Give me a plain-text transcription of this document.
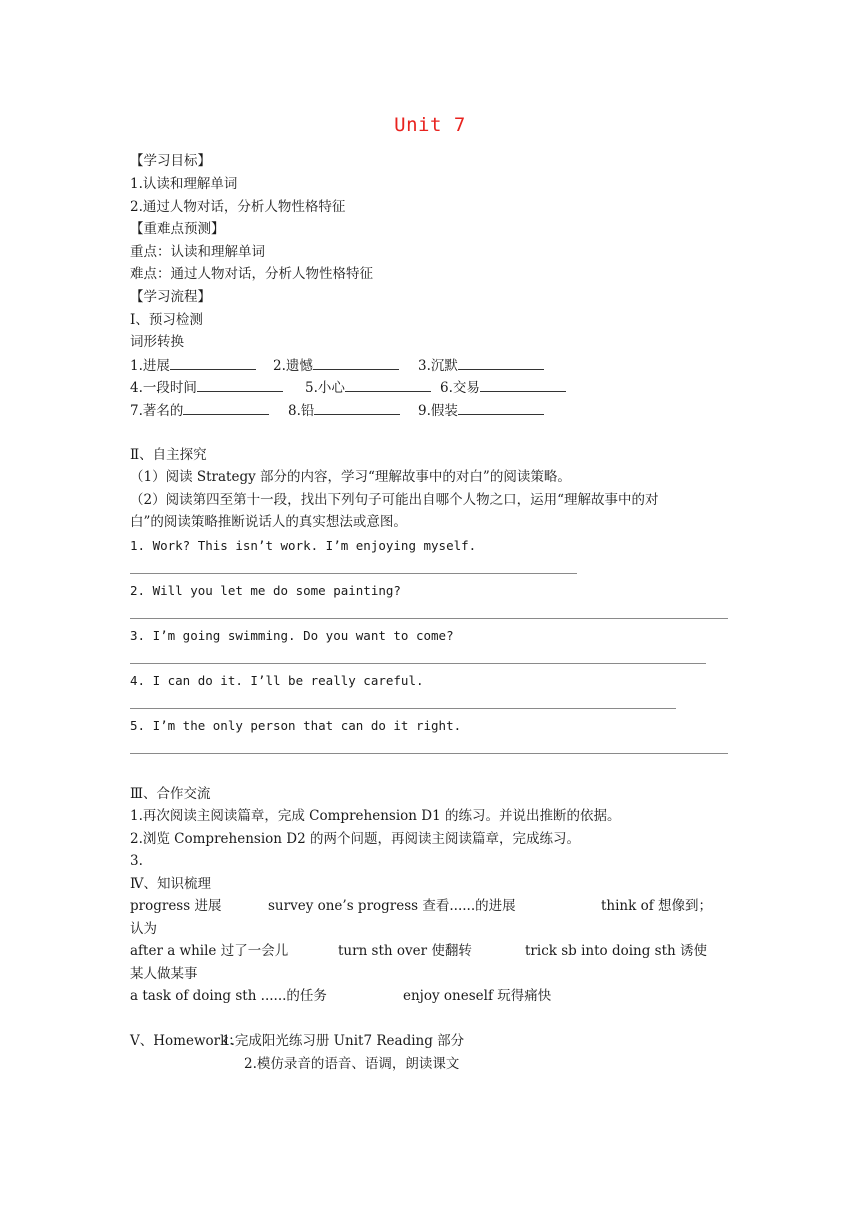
Unit 7
【学习目标】
1.认读和理解单词
2.通过人物对话，分析人物性格特征
【重难点预测】
重点：认读和理解单词
难点：通过人物对话，分析人物性格特征
【学习流程】
Ⅰ、预习检测
词形转换
1.进展	2.遗憾	3.沉默
4.一段时间	5.小心	6.交易
7.著名的	8.铅	9.假装
Ⅱ、自主探究
（1）阅读 Strategy 部分的内容，学习“理解故事中的对白”的阅读策略。
（2）阅读第四至第十一段，找出下列句子可能出自哪个人物之口，运用“理解故事中的对
白”的阅读策略推断说话人的真实想法或意图。
1. Work? This isn’t work. I’m enjoying myself.
2. Will you let me do some painting?
3. I’m going swimming. Do you want to come?
4. I can do it. I’ll be really careful.
5. I’m the only person that can do it right.
Ⅲ、合作交流
1.再次阅读主阅读篇章，完成 Comprehension D1 的练习。并说出推断的依据。
2.浏览 Comprehension D2 的两个问题，再阅读主阅读篇章，完成练习。
3.
Ⅳ、知识梳理
progress 进展	survey one’s progress 查看......的进展	think of 想像到；
认为
after a while 过了一会儿	turn sth over 使翻转	trick sb into doing sth 诱使
某人做某事
a task of doing sth ......的任务	enjoy oneself 玩得痛快
Ⅴ、Homework：
1.完成阳光练习册 Unit7 Reading 部分
2.模仿录音的语音、语调，朗读课文
